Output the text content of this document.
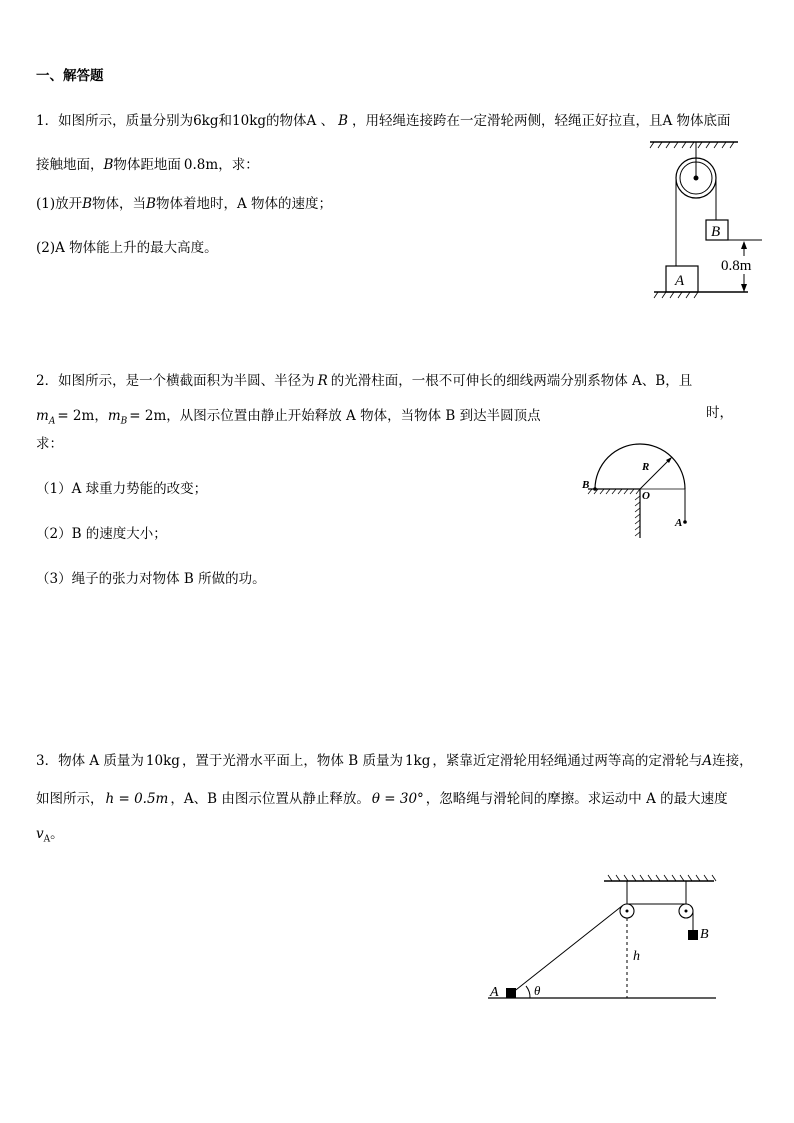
一、解答题
1．如图所示，质量分别为6kg和10kg的物体A 、 B ，用轻绳连接跨在一定滑轮两侧，轻绳正好拉直，且A 物体底面
接触地面，B物体距地面 0.8m，求：
(1)放开B物体，当B物体着地时，A 物体的速度；
(2)A 物体能上升的最大高度。
B
A
0.8m
2．如图所示，是一个横截面积为半圆、半径为 R 的光滑柱面，一根不可伸长的细线两端分别系物体 A、B，且
$m_A = 2m$，$m_B = 2m$，从图示位置由静止开始释放 A 物体，当物体 B 到达半圆顶点	时，
求：
（1）A 球重力势能的改变；
（2）B 的速度大小；
（3）绳子的张力对物体 B 所做的功。
R
B
O
A
3．物体 A 质量为 10kg ，置于光滑水平面上，物体 B 质量为 1kg ，紧靠近定滑轮用轻绳通过两等高的定滑轮与A连接，
如图所示， h = 0.5m ，A、B 由图示位置从静止释放。 θ = 30° ，忽略绳与滑轮间的摩擦。求运动中 A 的最大速度
$v_A$。
B
h
A	θ
